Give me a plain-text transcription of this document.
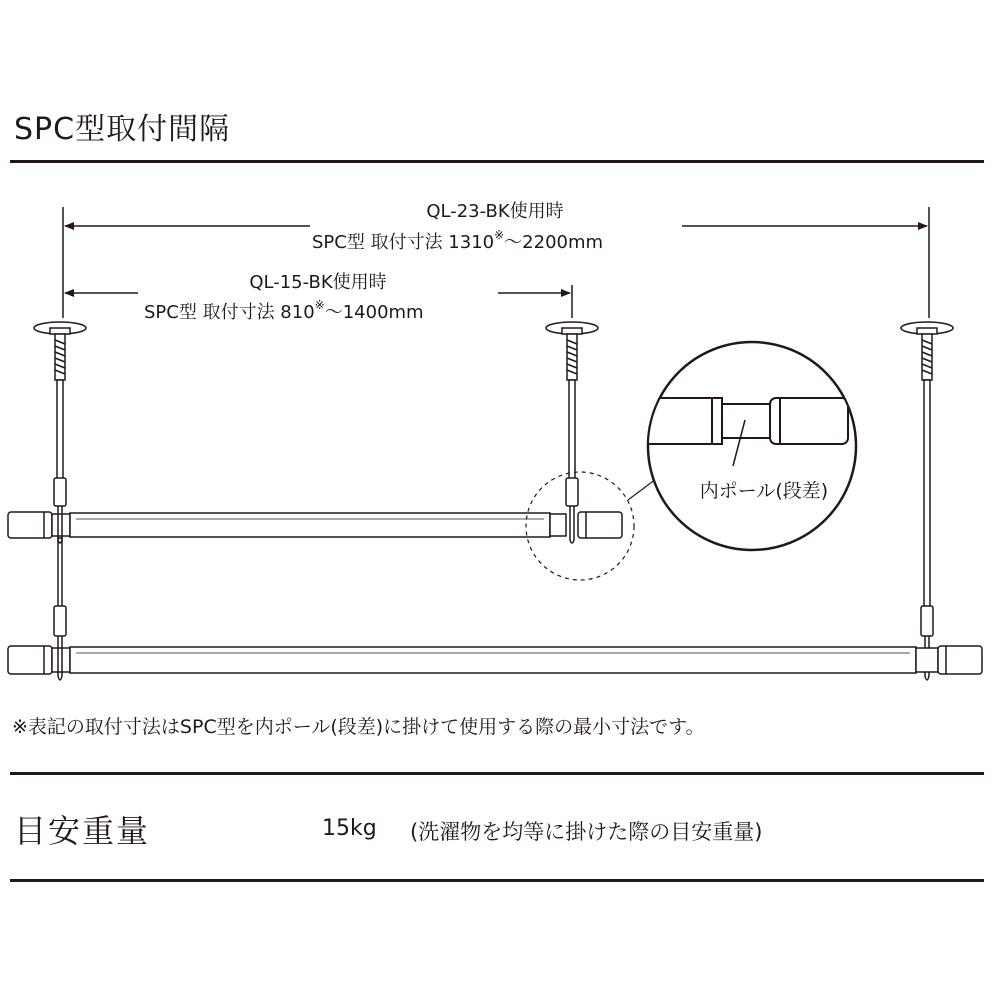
SPC型取付間隔
QL-23-BK使用時
SPC型 取付寸法 1310※～2200mm
QL-15-BK使用時
SPC型 取付寸法 810※～1400mm
内ポール(段差)
※表記の取付寸法はSPC型を内ポール(段差)に掛けて使用する際の最小寸法です。
目安重量	15kg (洗濯物を均等に掛けた際の目安重量)
